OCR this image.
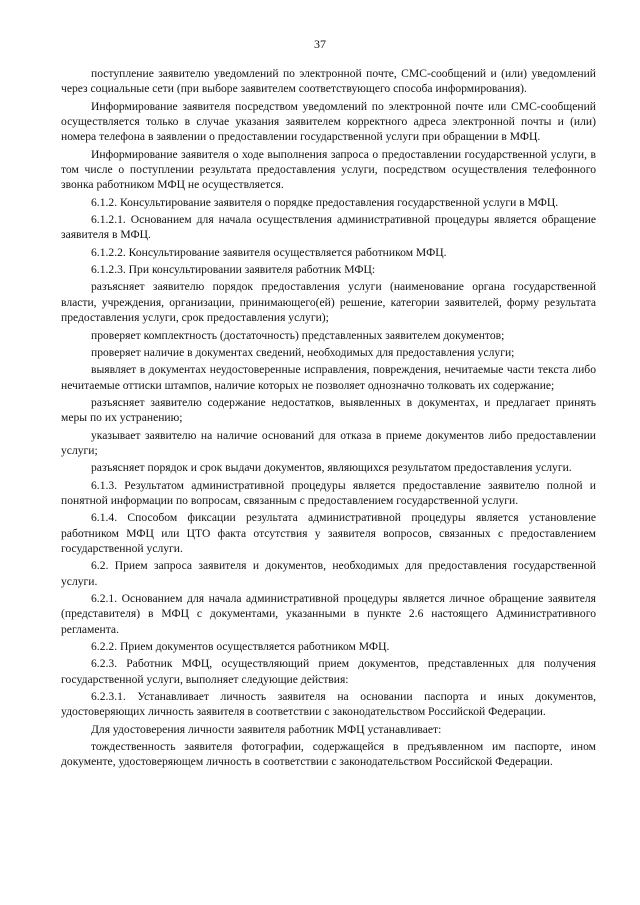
37

поступление заявителю уведомлений по электронной почте, СМС-сообщений и (или) уведомлений через социальные сети (при выборе заявителем соответствующего способа информирования).

Информирование заявителя посредством уведомлений по электронной почте или СМС-сообщений осуществляется только в случае указания заявителем корректного адреса электронной почты и (или) номера телефона в заявлении о предоставлении государственной услуги при обращении в МФЦ.

Информирование заявителя о ходе выполнения запроса о предоставлении государственной услуги, в том числе о поступлении результата предоставления услуги, посредством осуществления телефонного звонка работником МФЦ не осуществляется.

6.1.2. Консультирование заявителя о порядке предоставления государственной услуги в МФЦ.

6.1.2.1. Основанием для начала осуществления административной процедуры является обращение заявителя в МФЦ.

6.1.2.2. Консультирование заявителя осуществляется работником МФЦ.

6.1.2.3. При консультировании заявителя работник МФЦ:

разъясняет заявителю порядок предоставления услуги (наименование органа государственной власти, учреждения, организации, принимающего(ей) решение, категории заявителей, форму результата предоставления услуги, срок предоставления услуги);

проверяет комплектность (достаточность) представленных заявителем документов;

проверяет наличие в документах сведений, необходимых для предоставления услуги;

выявляет в документах неудостоверенные исправления, повреждения, нечитаемые части текста либо нечитаемые оттиски штампов, наличие которых не позволяет однозначно толковать их содержание;

разъясняет заявителю содержание недостатков, выявленных в документах, и предлагает принять меры по их устранению;

указывает заявителю на наличие оснований для отказа в приеме документов либо предоставлении услуги;

разъясняет порядок и срок выдачи документов, являющихся результатом предоставления услуги.

6.1.3. Результатом административной процедуры является предоставление заявителю полной и понятной информации по вопросам, связанным с предоставлением государственной услуги.

6.1.4. Способом фиксации результата административной процедуры является установление работником МФЦ или ЦТО факта отсутствия у заявителя вопросов, связанных с предоставлением государственной услуги.

6.2. Прием запроса заявителя и документов, необходимых для предоставления государственной услуги.

6.2.1. Основанием для начала административной процедуры является личное обращение заявителя (представителя) в МФЦ с документами, указанными в пункте 2.6 настоящего Административного регламента.

6.2.2. Прием документов осуществляется работником МФЦ.

6.2.3. Работник МФЦ, осуществляющий прием документов, представленных для получения государственной услуги, выполняет следующие действия:

6.2.3.1. Устанавливает личность заявителя на основании паспорта и иных документов, удостоверяющих личность заявителя в соответствии с законодательством Российской Федерации.

Для удостоверения личности заявителя работник МФЦ устанавливает:

тождественность заявителя фотографии, содержащейся в предъявленном им паспорте, ином документе, удостоверяющем личность в соответствии с законодательством Российской Федерации.
